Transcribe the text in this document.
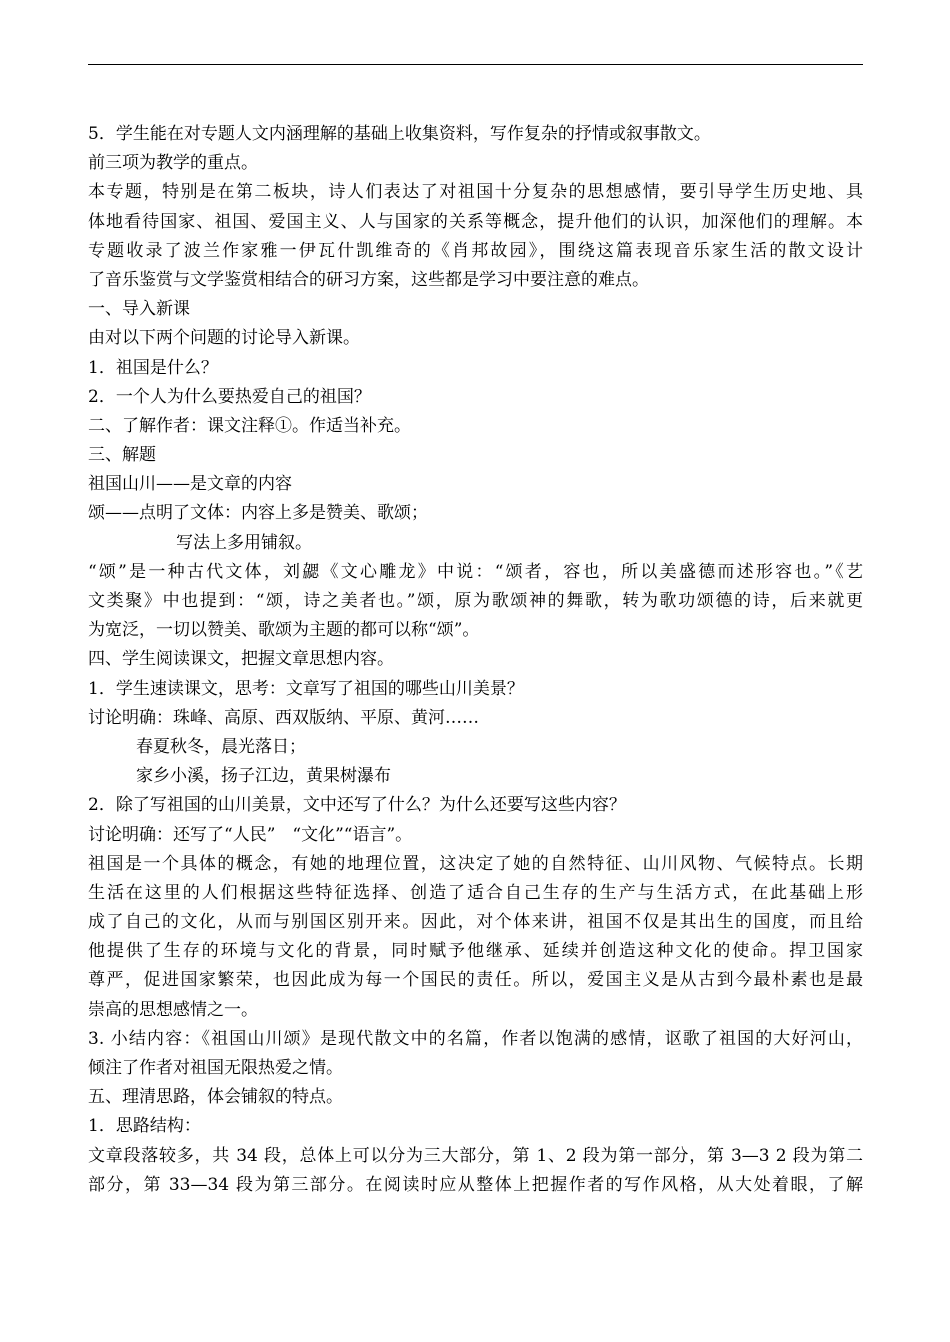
5．学生能在对专题人文内涵理解的基础上收集资料，写作复杂的抒情或叙事散文。
前三项为教学的重点。
本专题，特别是在第二板块，诗人们表达了对祖国十分复杂的思想感情，要引导学生历史地、具
体地看待国家、祖国、爱国主义、人与国家的关系等概念，提升他们的认识，加深他们的理解。本
专题收录了波兰作家雅一伊瓦什凯维奇的《肖邦故园》，围绕这篇表现音乐家生活的散文设计
了音乐鉴赏与文学鉴赏相结合的研习方案，这些都是学习中要注意的难点。
一、导入新课
由对以下两个问题的讨论导入新课。
1．祖国是什么？
2．一个人为什么要热爱自己的祖国？
二、了解作者：课文注释①。作适当补充。
三、解题
祖国山川——是文章的内容
颂——点明了文体：内容上多是赞美、歌颂；
写法上多用铺叙。
“颂”是一种古代文体，刘勰《文心雕龙》中说：“颂者，容也，所以美盛德而述形容也。”《艺
文类聚》中也提到：“颂，诗之美者也。”颂，原为歌颂神的舞歌，转为歌功颂德的诗，后来就更
为宽泛，一切以赞美、歌颂为主题的都可以称“颂”。
四、学生阅读课文，把握文章思想内容。
1．学生速读课文，思考：文章写了祖国的哪些山川美景？
讨论明确：珠峰、高原、西双版纳、平原、黄河……
春夏秋冬，晨光落日；
家乡小溪，扬子江边，黄果树瀑布
2．除了写祖国的山川美景，文中还写了什么？为什么还要写这些内容？
讨论明确：还写了“人民”　“文化”“语言”。
祖国是一个具体的概念，有她的地理位置，这决定了她的自然特征、山川风物、气候特点。长期
生活在这里的人们根据这些特征选择、创造了适合自己生存的生产与生活方式，在此基础上形
成了自己的文化，从而与别国区别开来。因此，对个体来讲，祖国不仅是其出生的国度，而且给
他提供了生存的环境与文化的背景，同时赋予他继承、延续并创造这种文化的使命。捍卫国家
尊严，促进国家繁荣，也因此成为每一个国民的责任。所以，爱国主义是从古到今最朴素也是最
崇高的思想感情之一。
3. 小结内容：《祖国山川颂》是现代散文中的名篇，作者以饱满的感情，讴歌了祖国的大好河山，
倾注了作者对祖国无限热爱之情。
五、理清思路，体会铺叙的特点。
1．思路结构：
文章段落较多，共 34 段，总体上可以分为三大部分，第 1、2 段为第一部分，第 3—3 2 段为第二
部分，第 33—34 段为第三部分。在阅读时应从整体上把握作者的写作风格，从大处着眼，了解
